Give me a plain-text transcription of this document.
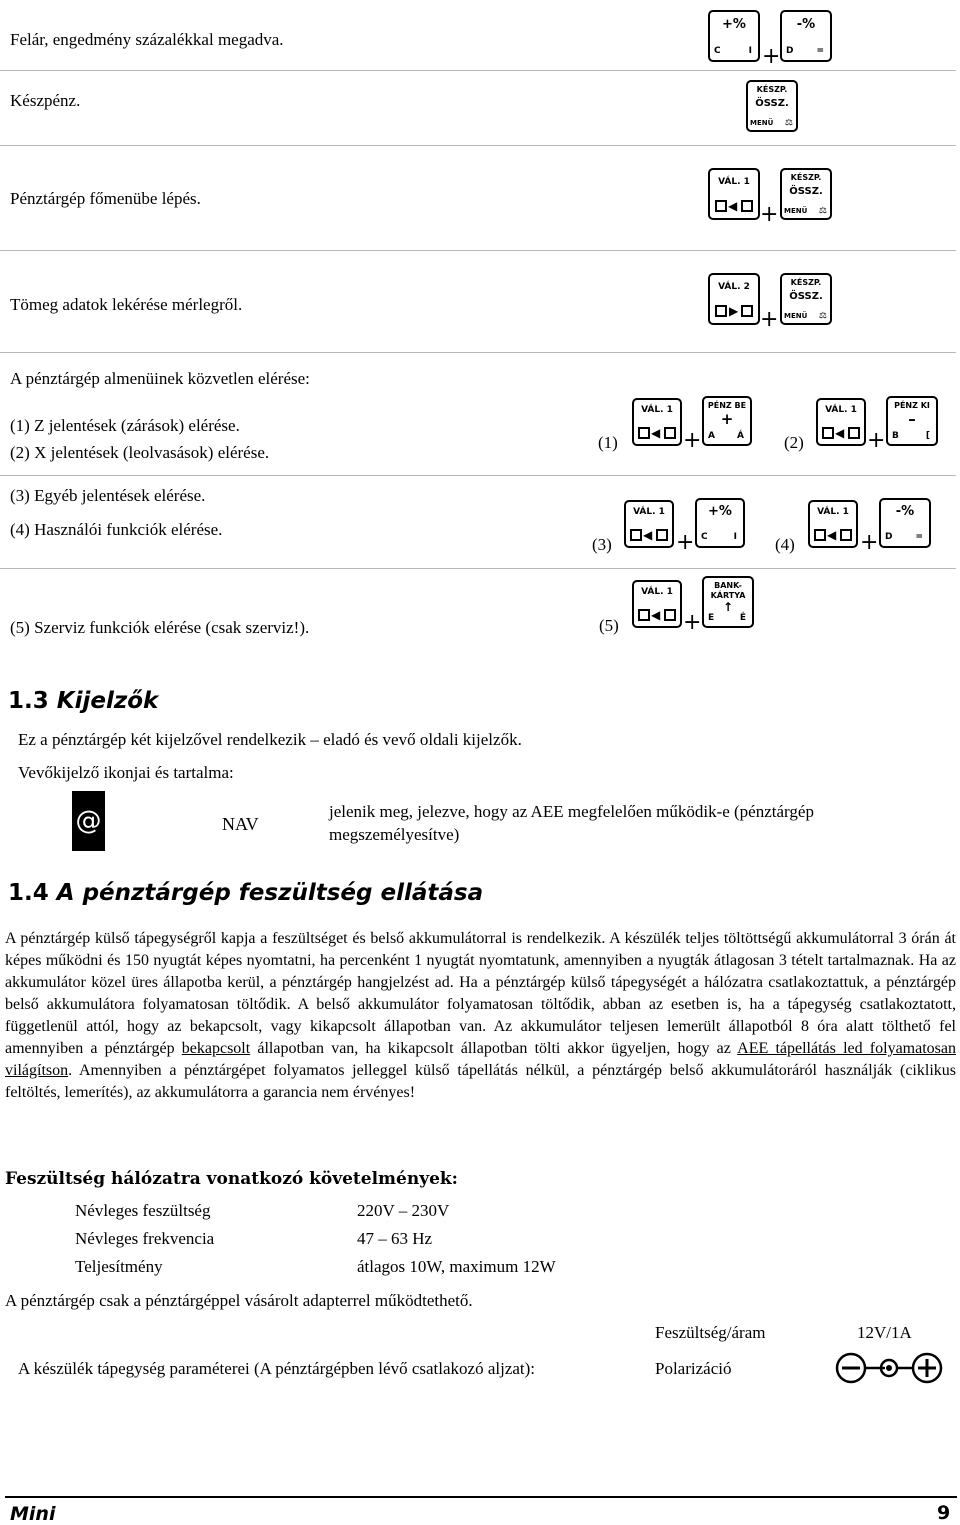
Felár, engedmény százalékkal megadva.
+%
C	I +
-%
D	=
Készpénz.
KÉSZP.
ÖSSZ.
MENÜ ⚖
Pénztárgép főmenübe lépés.
VÁL. 1
◀ +
KÉSZP.
ÖSSZ.
MENÜ ⚖
Tömeg adatok lekérése mérlegről.
VÁL. 2
▶ +
KÉSZP.
ÖSSZ.
MENÜ ⚖
A pénztárgép almenüinek közvetlen elérése:
(1) Z jelentések (zárások) elérése.
(2) X jelentések (leolvasások) elérése.
(1)
VÁL. 1
◀ +
PÉNZ BE
+
A Á (2)
VÁL. 1
◀ +
PÉNZ KI
–
B	[
(3) Egyéb jelentések elérése.
(4) Használói funkciók elérése.
(3)
VÁL. 1
◀ +
+%
C	I (4)
VÁL. 1
◀ +
-%
D	=
(5) Szerviz funkciók elérése (csak szerviz!).	(5)
VÁL. 1
◀ +
BANK-
KÁRTYA
↑
E	É
1.3 Kijelzők
Ez a pénztárgép két kijelzővel rendelkezik – eladó és vevő oldali kijelzők.
Vevőkijelző ikonjai és tartalma:
@	NAV
jelenik meg, jelezve, hogy az AEE megfelelően működik-e (pénztárgép megszemélyesítve)
1.4 A pénztárgép feszültség ellátása

A pénztárgép külső tápegységről kapja a feszültséget és belső akkumulátorral is rendelkezik. A készülék teljes töltöttségű akkumulátorral 3 órán át képes működni és 150 nyugtát képes nyomtatni, ha percenként 1 nyugtát nyomtatunk, amennyiben a nyugták átlagosan 3 tételt tartalmaznak. Ha az akkumulátor közel üres állapotba kerül, a pénztárgép hangjelzést ad. Ha a pénztárgép külső tápegységét a hálózatra csatlakoztattuk, a pénztárgép belső akkumulátora folyamatosan töltődik. A belső akkumulátor folyamatosan töltődik, abban az esetben is, ha a tápegység csatlakoztatott, függetlenül attól, hogy az bekapcsolt, vagy kikapcsolt állapotban van. Az akkumulátor teljesen lemerült állapotból 8 óra alatt tölthető fel amennyiben a pénztárgép bekapcsolt állapotban van, ha kikapcsolt állapotban tölti akkor ügyeljen, hogy az AEE tápellátás led folyamatosan világítson. Amennyiben a pénztárgépet folyamatos jelleggel külső tápellátás nélkül, a pénztárgép belső akkumulátoráról használják (ciklikus feltöltés, lemerítés), az akkumulátorra a garancia nem érvényes!

Feszültség hálózatra vonatkozó követelmények:
Névleges feszültség	220V – 230V
Névleges frekvencia	47 – 63 Hz
Teljesítmény	átlagos 10W, maximum 12W
A pénztárgép csak a pénztárgéppel vásárolt adapterrel működtethető.
Feszültség/áram	12V/1A
A készülék tápegység paraméterei (A pénztárgépben lévő csatlakozó aljzat):	Polarizáció
Mini	9
